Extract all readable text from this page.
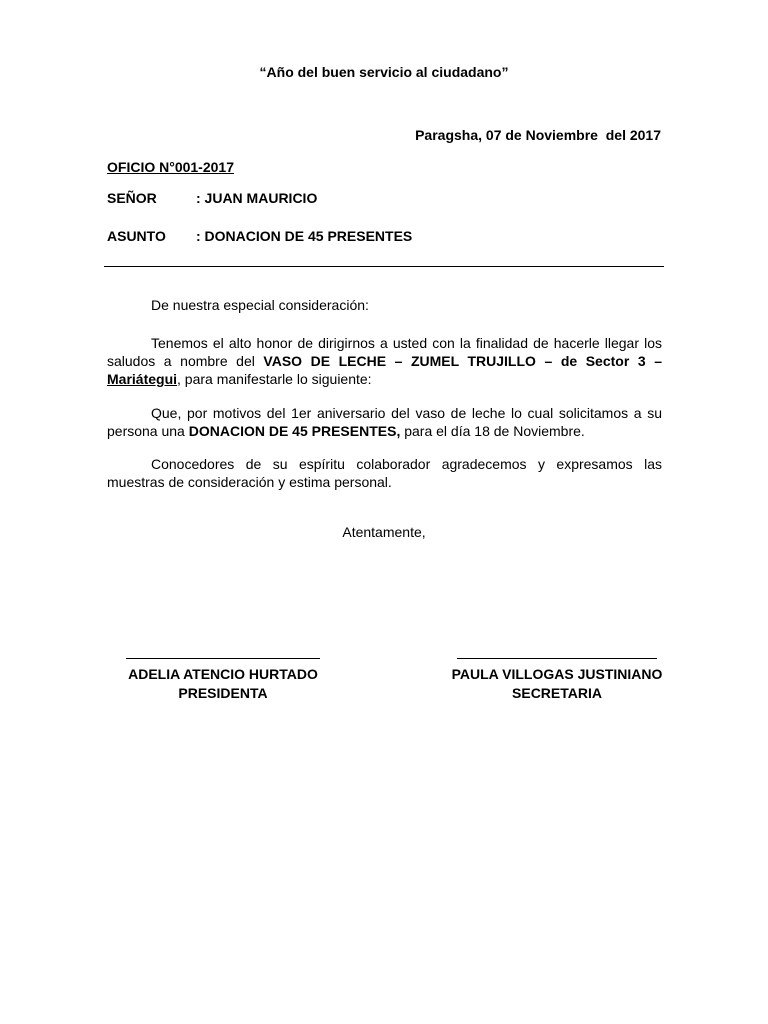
“Año del buen servicio al ciudadano”
Paragsha, 07 de Noviembre  del 2017
OFICIO N°001-2017
SEÑOR	: JUAN MAURICIO
ASUNTO : DONACION DE 45 PRESENTES
De nuestra especial consideración:
Tenemos el alto honor de dirigirnos a usted con la finalidad de hacerle llegar los saludos a nombre del VASO DE LECHE – ZUMEL TRUJILLO – de Sector 3 – Mariátegui, para manifestarle lo siguiente:
Que, por motivos del 1er aniversario del vaso de leche lo cual solicitamos a su persona una DONACION DE 45 PRESENTES, para el día 18 de Noviembre.
Conocedores de su espíritu colaborador agradecemos y expresamos las muestras de consideración y estima personal.
Atentamente,
ADELIA ATENCIO HURTADO
PRESIDENTA
PAULA VILLOGAS JUSTINIANO
SECRETARIA
